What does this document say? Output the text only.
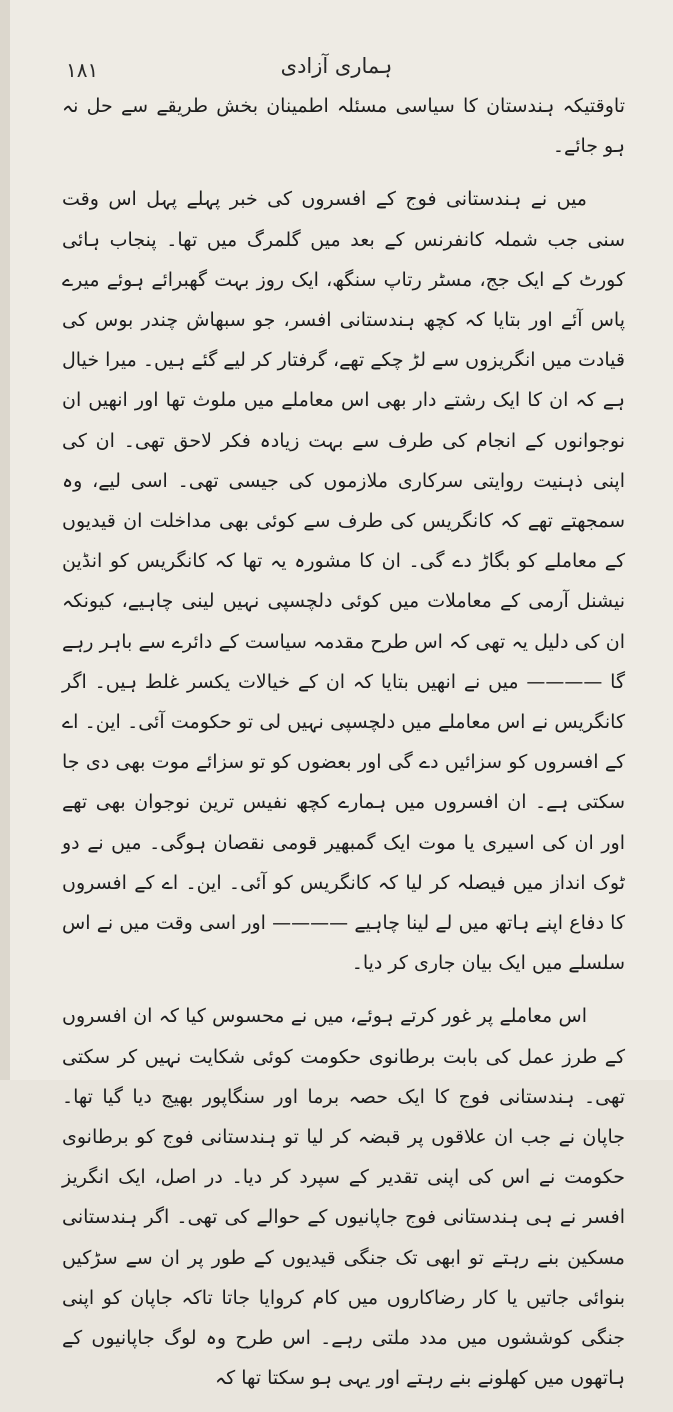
۱۸۱	ہماری آزادی

تاوقتیکہ ہندستان کا سیاسی مسئلہ اطمینان بخش طریقے سے حل نہ ہو جائے۔

میں نے ہندستانی فوج کے افسروں کی خبر پہلے پہل اس وقت سنی جب شملہ کانفرنس کے بعد میں گلمرگ میں تھا۔ پنجاب ہائی کورٹ کے ایک جج، مسٹر رتاپ سنگھ، ایک روز بہت گھبرائے ہوئے میرے پاس آئے اور بتایا کہ کچھ ہندستانی افسر، جو سبھاش چندر بوس کی قیادت میں انگریزوں سے لڑ چکے تھے، گرفتار کر لیے گئے ہیں۔ میرا خیال ہے کہ ان کا ایک رشتے دار بھی اس معاملے میں ملوث تھا اور انھیں ان نوجوانوں کے انجام کی طرف سے بہت زیادہ فکر لاحق تھی۔ ان کی اپنی ذہنیت روایتی سرکاری ملازموں کی جیسی تھی۔ اسی لیے، وہ سمجھتے تھے کہ کانگریس کی طرف سے کوئی بھی مداخلت ان قیدیوں کے معاملے کو بگاڑ دے گی۔ ان کا مشورہ یہ تھا کہ کانگریس کو انڈین نیشنل آرمی کے معاملات میں کوئی دلچسپی نہیں لینی چاہیے، کیونکہ ان کی دلیل یہ تھی کہ اس طرح مقدمہ سیاست کے دائرے سے باہر رہے گا ———— میں نے انھیں بتایا کہ ان کے خیالات یکسر غلط ہیں۔ اگر کانگریس نے اس معاملے میں دلچسپی نہیں لی تو حکومت آئی۔ این۔ اے کے افسروں کو سزائیں دے گی اور بعضوں کو تو سزائے موت بھی دی جا سکتی ہے۔ ان افسروں میں ہمارے کچھ نفیس ترین نوجوان بھی تھے اور ان کی اسیری یا موت ایک گمبھیر قومی نقصان ہوگی۔ میں نے دو ٹوک انداز میں فیصلہ کر لیا کہ کانگریس کو آئی۔ این۔ اے کے افسروں کا دفاع اپنے ہاتھ میں لے لینا چاہیے ———— اور اسی وقت میں نے اس سلسلے میں ایک بیان جاری کر دیا۔

اس معاملے پر غور کرتے ہوئے، میں نے محسوس کیا کہ ان افسروں کے طرز عمل کی بابت برطانوی حکومت کوئی شکایت نہیں کر سکتی تھی۔ ہندستانی فوج کا ایک حصہ برما اور سنگاپور بھیج دیا گیا تھا۔ جاپان نے جب ان علاقوں پر قبضہ کر لیا تو ہندستانی فوج کو برطانوی حکومت نے اس کی اپنی تقدیر کے سپرد کر دیا۔ در اصل، ایک انگریز افسر نے ہی ہندستانی فوج جاپانیوں کے حوالے کی تھی۔ اگر ہندستانی مسکین بنے رہتے تو ابھی تک جنگی قیدیوں کے طور پر ان سے سڑکیں بنوائی جاتیں یا کار رضاکاروں میں کام کروایا جاتا تاکہ جاپان کو اپنی جنگی کوششوں میں مدد ملتی رہے۔ اس طرح وہ لوگ جاپانیوں کے ہاتھوں میں کھلونے بنے رہتے اور یہی ہو سکتا تھا کہ
